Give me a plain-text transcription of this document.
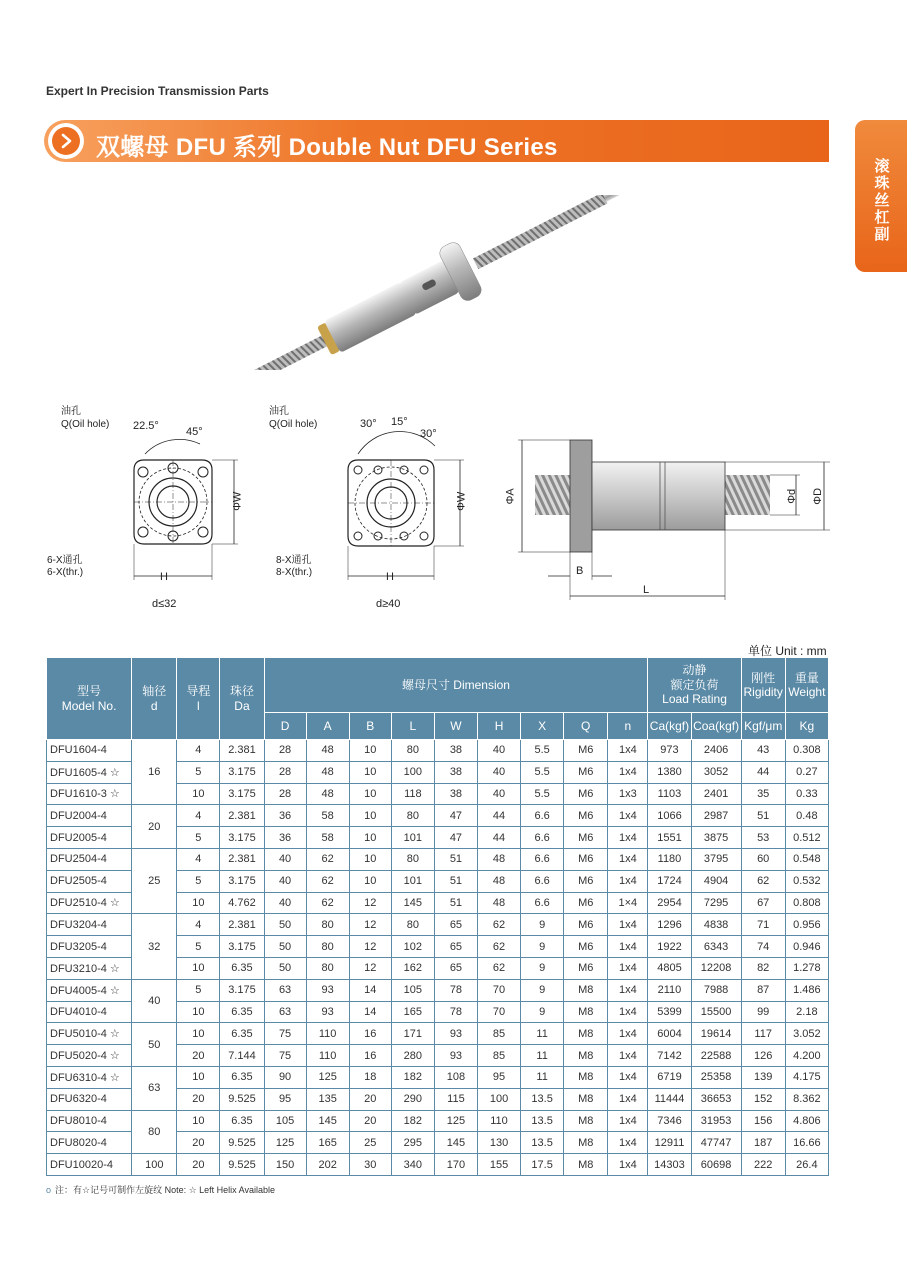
Expert In Precision Transmission Parts
双螺母 DFU 系列 Double Nut DFU Series
滚珠丝杠副
油孔
Q(Oil hole) 22.5° 45°
6-X通孔
6-X(thr.)
ΦW
H
d≤32
油孔
Q(Oil hole)	30° 15°
30°
8-X通孔
8-X(thr.)
ΦW
H
d≥40
ΦA	Φd ΦD
B
L
单位 Unit : mm
型号
Model No.	轴径
d	导程
l	珠径
Da	螺母尺寸 Dimension									动静
额定负荷
Load Rating		刚性
Rigidity	重量
Weight
				D	A	B	L	W	H	X	Q	n	Ca(kgf)	Coa(kgf)	Kgf/μm	Kg
DFU1604-4	16	4	2.381	28	48	10	80	38	40	5.5	M6	1x4	973	2406	43	0.308
DFU1605-4 ☆		5	3.175	28	48	10	100	38	40	5.5	M6	1x4	1380	3052	44	0.27
DFU1610-3 ☆		10	3.175	28	48	10	118	38	40	5.5	M6	1x3	1103	2401	35	0.33
DFU2004-4	20	4	2.381	36	58	10	80	47	44	6.6	M6	1x4	1066	2987	51	0.48
DFU2005-4		5	3.175	36	58	10	101	47	44	6.6	M6	1x4	1551	3875	53	0.512
DFU2504-4	25	4	2.381	40	62	10	80	51	48	6.6	M6	1x4	1180	3795	60	0.548
DFU2505-4		5	3.175	40	62	10	101	51	48	6.6	M6	1x4	1724	4904	62	0.532
DFU2510-4 ☆		10	4.762	40	62	12	145	51	48	6.6	M6	1×4	2954	7295	67	0.808
DFU3204-4	32	4	2.381	50	80	12	80	65	62	9	M6	1x4	1296	4838	71	0.956
DFU3205-4		5	3.175	50	80	12	102	65	62	9	M6	1x4	1922	6343	74	0.946
DFU3210-4 ☆		10	6.35	50	80	12	162	65	62	9	M6	1x4	4805	12208	82	1.278
DFU4005-4 ☆	40	5	3.175	63	93	14	105	78	70	9	M8	1x4	2110	7988	87	1.486
DFU4010-4		10	6.35	63	93	14	165	78	70	9	M8	1x4	5399	15500	99	2.18
DFU5010-4 ☆	50	10	6.35	75	110	16	171	93	85	11	M8	1x4	6004	19614	117	3.052
DFU5020-4 ☆		20	7.144	75	110	16	280	93	85	11	M8	1x4	7142	22588	126	4.200
DFU6310-4 ☆	63	10	6.35	90	125	18	182	108	95	11	M8	1x4	6719	25358	139	4.175
DFU6320-4		20	9.525	95	135	20	290	115	100	13.5	M8	1x4	11444	36653	152	8.362
DFU8010-4	80	10	6.35	105	145	20	182	125	110	13.5	M8	1x4	7346	31953	156	4.806
DFU8020-4		20	9.525	125	165	25	295	145	130	13.5	M8	1x4	12911	47747	187	16.66
DFU10020-4	100	20	9.525	150	202	30	340	170	155	17.5	M8	1x4	14303	60698	222	26.4
o 注：有☆记号可制作左旋纹 Note: ☆ Left Helix Available
